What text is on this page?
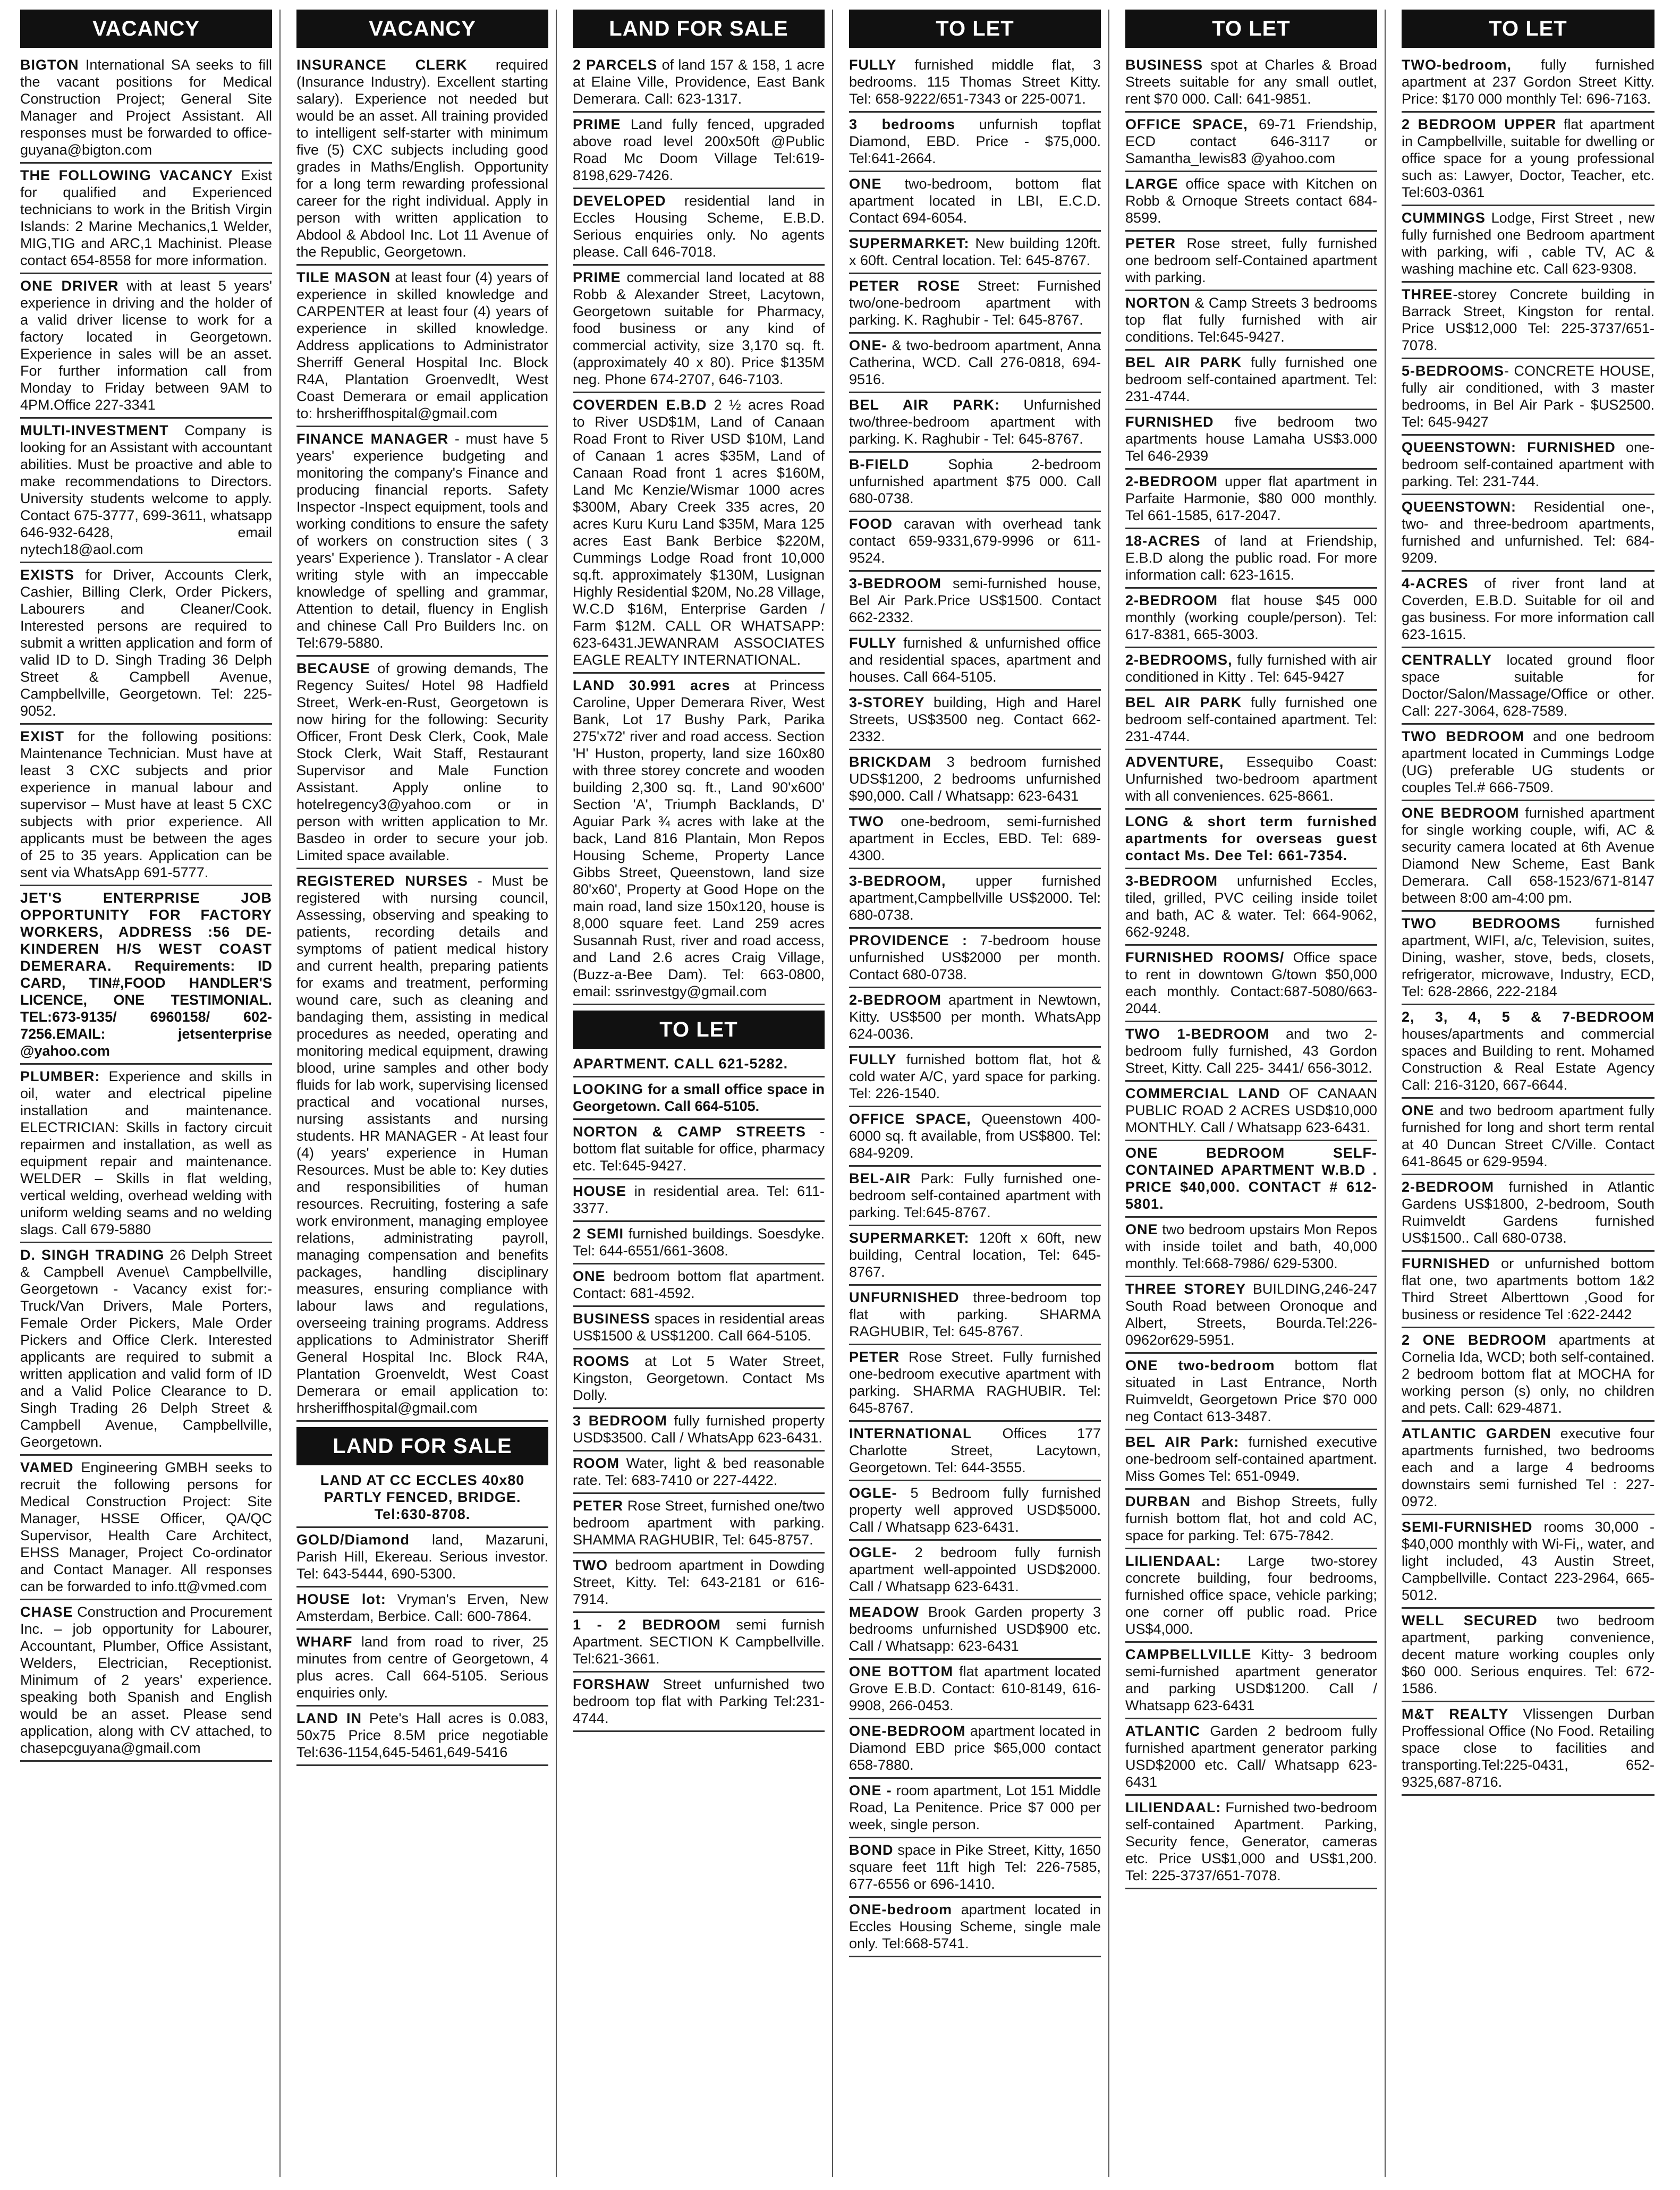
VACANCY
BIGTON International SA seeks to fill the vacant positions for Medical Construction Project; General Site Manager and Project Assistant. All responses must be forwarded to office-guyana@bigton.com
THE FOLLOWING VACANCY Exist for qualified and Experienced technicians to work in the British Virgin Islands: 2 Marine Mechanics,1 Welder, MIG,TIG and ARC,1 Machinist. Please contact 654-8558 for more information.
ONE DRIVER with at least 5 years' experience in driving and the holder of a valid driver license to work for a factory located in Georgetown. Experience in sales will be an asset. For further information call from Monday to Friday between 9AM to 4PM.Office 227-3341
MULTI-INVESTMENT Company is looking for an Assistant with accountant abilities. Must be proactive and able to make recommendations to Directors. University students welcome to apply. Contact 675-3777, 699-3611, whatsapp 646-932-6428, email nytech18@aol.com
EXISTS for Driver, Accounts Clerk, Cashier, Billing Clerk, Order Pickers, Labourers and Cleaner/Cook. Interested persons are required to submit a written application and form of valid ID to D. Singh Trading 36 Delph Street & Campbell Avenue, Campbellville, Georgetown. Tel: 225-9052.
EXIST for the following positions: Maintenance Technician. Must have at least 3 CXC subjects and prior experience in manual labour and supervisor – Must have at least 5 CXC subjects with prior experience. All applicants must be between the ages of 25 to 35 years. Application can be sent via WhatsApp 691-5777.
JET'S ENTERPRISE JOB OPPORTUNITY FOR FACTORY WORKERS, ADDRESS :56 DE-KINDEREN H/S WEST COAST DEMERARA. Requirements: ID CARD, TIN#,FOOD HANDLER'S LICENCE, ONE TESTIMONIAL. TEL:673-9135/ 6960158/ 602-7256.EMAIL: jetsenterprise @yahoo.com
PLUMBER: Experience and skills in oil, water and electrical pipeline installation and maintenance. ELECTRICIAN: Skills in factory circuit repairmen and installation, as well as equipment repair and maintenance. WELDER – Skills in flat welding, vertical welding, overhead welding with uniform welding seams and no welding slags. Call 679-5880
D. SINGH TRADING 26 Delph Street & Campbell Avenue\ Campbellville, Georgetown - Vacancy exist for:-Truck/Van Drivers, Male Porters, Female Order Pickers, Male Order Pickers and Office Clerk. Interested applicants are required to submit a written application and valid form of ID and a Valid Police Clearance to D. Singh Trading 26 Delph Street & Campbell Avenue, Campbellville, Georgetown.
VAMED Engineering GMBH seeks to recruit the following persons for Medical Construction Project: Site Manager, HSSE Officer, QA/QC Supervisor, Health Care Architect, EHSS Manager, Project Co-ordinator and Contact Manager. All responses can be forwarded to info.tt@vmed.com
CHASE Construction and Procurement Inc. – job opportunity for Labourer, Accountant, Plumber, Office Assistant, Welders, Electrician, Receptionist. Minimum of 2 years' experience. speaking both Spanish and English would be an asset. Please send application, along with CV attached, to chasepcguyana@gmail.com
VACANCY
INSURANCE CLERK required (Insurance Industry). Excellent starting salary). Experience not needed but would be an asset. All training provided to intelligent self-starter with minimum five (5) CXC subjects including good grades in Maths/English. Opportunity for a long term rewarding professional career for the right individual. Apply in person with written application to Abdool & Abdool Inc. Lot 11 Avenue of the Republic, Georgetown.
TILE MASON at least four (4) years of experience in skilled knowledge and CARPENTER at least four (4) years of experience in skilled knowledge. Address applications to Administrator Sherriff General Hospital Inc. Block R4A, Plantation Groenvedlt, West Coast Demerara or email application to: hrsheriffhospital@gmail.com
FINANCE MANAGER - must have 5 years' experience budgeting and monitoring the company's Finance and producing financial reports. Safety Inspector -Inspect equipment, tools and working conditions to ensure the safety of workers on construction sites ( 3 years' Experience ). Translator - A clear writing style with an impeccable knowledge of spelling and grammar, Attention to detail, fluency in English and chinese Call Pro Builders Inc. on Tel:679-5880.
BECAUSE of growing demands, The Regency Suites/ Hotel 98 Hadfield Street, Werk-en-Rust, Georgetown is now hiring for the following: Security Officer, Front Desk Clerk, Cook, Male Stock Clerk, Wait Staff, Restaurant Supervisor and Male Function Assistant. Apply online to hotelregency3@yahoo.com or in person with written application to Mr. Basdeo in order to secure your job. Limited space available.
REGISTERED NURSES - Must be registered with nursing council, Assessing, observing and speaking to patients, recording details and symptoms of patient medical history and current health, preparing patients for exams and treatment, performing wound care, such as cleaning and bandaging them, assisting in medical procedures as needed, operating and monitoring medical equipment, drawing blood, urine samples and other body fluids for lab work, supervising licensed practical and vocational nurses, nursing assistants and nursing students. HR MANAGER - At least four (4) years' experience in Human Resources. Must be able to: Key duties and responsibilities of human resources. Recruiting, fostering a safe work environment, managing employee relations, administrating payroll, managing compensation and benefits packages, handling disciplinary measures, ensuring compliance with labour laws and regulations, overseeing training programs. Address applications to Administrator Sheriff General Hospital Inc. Block R4A, Plantation Groenveldt, West Coast Demerara or email application to: hrsheriffhospital@gmail.com
LAND FOR SALE
LAND AT CC ECCLES 40x80 PARTLY FENCED, BRIDGE. Tel:630-8708.
GOLD/Diamond land, Mazaruni, Parish Hill, Ekereau. Serious investor. Tel: 643-5444, 690-5300.
HOUSE lot: Vryman's Erven, New Amsterdam, Berbice. Call: 600-7864.
WHARF land from road to river, 25 minutes from centre of Georgetown, 4 plus acres. Call 664-5105. Serious enquiries only.
LAND IN Pete's Hall acres is 0.083, 50x75 Price 8.5M price negotiable Tel:636-1154,645-5461,649-5416
LAND FOR SALE
2 PARCELS of land 157 & 158, 1 acre at Elaine Ville, Providence, East Bank Demerara. Call: 623-1317.
PRIME Land fully fenced, upgraded above road level 200x50ft @Public Road Mc Doom Village Tel:619-8198,629-7426.
DEVELOPED residential land in Eccles Housing Scheme, E.B.D. Serious enquiries only. No agents please. Call 646-7018.
PRIME commercial land located at 88 Robb & Alexander Street, Lacytown, Georgetown suitable for Pharmacy, food business or any kind of commercial activity, size 3,170 sq. ft. (approximately 40 x 80). Price $135M neg. Phone 674-2707, 646-7103.
COVERDEN E.B.D 2 ½ acres Road to River USD$1M, Land of Canaan Road Front to River USD $10M, Land of Canaan 1 acres $35M, Land of Canaan Road front 1 acres $160M, Land Mc Kenzie/Wismar 1000 acres $300M, Abary Creek 335 acres, 20 acres Kuru Kuru Land $35M, Mara 125 acres East Bank Berbice $220M, Cummings Lodge Road front 10,000 sq.ft. approximately $130M, Lusignan Highly Residential $20M, No.28 Village, W.C.D $16M, Enterprise Garden / Farm $12M. CALL OR WHATSAPP: 623-6431.JEWANRAM ASSOCIATES EAGLE REALTY INTERNATIONAL.
LAND 30.991 acres at Princess Caroline, Upper Demerara River, West Bank, Lot 17 Bushy Park, Parika 275'x72' river and road access. Section 'H' Huston, property, land size 160x80 with three storey concrete and wooden building 2,300 sq. ft., Land 90'x600' Section 'A', Triumph Backlands, D' Aguiar Park ¾ acres with lake at the back, Land 816 Plantain, Mon Repos Housing Scheme, Property Lance Gibbs Street, Queenstown, land size 80'x60', Property at Good Hope on the main road, land size 150x120, house is 8,000 square feet. Land 259 acres Susannah Rust, river and road access, and Land 2.6 acres Craig Village, (Buzz-a-Bee Dam). Tel: 663-0800, email: ssrinvestgy@gmail.com
TO LET
APARTMENT. CALL 621-5282.
LOOKING for a small office space in Georgetown. Call 664-5105.
NORTON & CAMP STREETS - bottom flat suitable for office, pharmacy etc. Tel:645-9427.
HOUSE in residential area. Tel: 611-3377.
2 SEMI furnished buildings. Soesdyke. Tel: 644-6551/661-3608.
ONE bedroom bottom flat apartment. Contact: 681-4592.
BUSINESS spaces in residential areas US$1500 & US$1200. Call 664-5105.
ROOMS at Lot 5 Water Street, Kingston, Georgetown. Contact Ms Dolly.
3 BEDROOM fully furnished property USD$3500. Call / WhatsApp 623-6431.
ROOM Water, light & bed reasonable rate. Tel: 683-7410 or 227-4422.
PETER Rose Street, furnished one/two bedroom apartment with parking. SHAMMA RAGHUBIR, Tel: 645-8757.
TWO bedroom apartment in Dowding Street, Kitty. Tel: 643-2181 or 616-7914.
1 - 2 BEDROOM semi furnish Apartment. SECTION K Campbellville. Tel:621-3661.
FORSHAW Street unfurnished two bedroom top flat with Parking Tel:231-4744.
TO LET
FULLY furnished middle flat, 3 bedrooms. 115 Thomas Street Kitty. Tel: 658-9222/651-7343 or 225-0071.
3 bedrooms unfurnish topflat Diamond, EBD. Price - $75,000. Tel:641-2664.
ONE two-bedroom, bottom flat apartment located in LBI, E.C.D. Contact 694-6054.
SUPERMARKET: New building 120ft. x 60ft. Central location. Tel: 645-8767.
PETER ROSE Street: Furnished two/one-bedroom apartment with parking. K. Raghubir - Tel: 645-8767.
ONE- & two-bedroom apartment, Anna Catherina, WCD. Call 276-0818, 694-9516.
BEL AIR PARK: Unfurnished two/three-bedroom apartment with parking. K. Raghubir - Tel: 645-8767.
B-FIELD Sophia 2-bedroom unfurnished apartment $75 000. Call 680-0738.
FOOD caravan with overhead tank contact 659-9331,679-9996 or 611-9524.
3-BEDROOM semi-furnished house, Bel Air Park.Price US$1500. Contact 662-2332.
FULLY furnished & unfurnished office and residential spaces, apartment and houses. Call 664-5105.
3-STOREY building, High and Harel Streets, US$3500 neg. Contact 662-2332.
BRICKDAM 3 bedroom furnished UDS$1200, 2 bedrooms unfurnished $90,000. Call / Whatsapp: 623-6431
TWO one-bedroom, semi-furnished apartment in Eccles, EBD. Tel: 689-4300.
3-BEDROOM, upper furnished apartment,Campbellville US$2000. Tel: 680-0738.
PROVIDENCE : 7-bedroom house unfurnished US$2000 per month. Contact 680-0738.
2-BEDROOM apartment in Newtown, Kitty. US$500 per month. WhatsApp 624-0036.
FULLY furnished bottom flat, hot & cold water A/C, yard space for parking. Tel: 226-1540.
OFFICE SPACE, Queenstown 400-6000 sq. ft available, from US$800. Tel: 684-9209.
BEL-AIR Park: Fully furnished one-bedroom self-contained apartment with parking. Tel:645-8767.
SUPERMARKET: 120ft x 60ft, new building, Central location, Tel: 645-8767.
UNFURNISHED three-bedroom top flat with parking. SHARMA RAGHUBIR, Tel: 645-8767.
PETER Rose Street. Fully furnished one-bedroom executive apartment with parking. SHARMA RAGHUBIR. Tel: 645-8767.
INTERNATIONAL Offices 177 Charlotte Street, Lacytown, Georgetown. Tel: 644-3555.
OGLE- 5 Bedroom fully furnished property well approved USD$5000. Call / Whatsapp 623-6431.
OGLE- 2 bedroom fully furnish apartment well-appointed USD$2000. Call / Whatsapp 623-6431.
MEADOW Brook Garden property 3 bedrooms unfurnished USD$900 etc. Call / Whatsapp: 623-6431
ONE BOTTOM flat apartment located Grove E.B.D. Contact: 610-8149, 616-9908, 266-0453.
ONE-BEDROOM apartment located in Diamond EBD price $65,000 contact 658-7880.
ONE - room apartment, Lot 151 Middle Road, La Penitence. Price $7 000 per week, single person.
BOND space in Pike Street, Kitty, 1650 square feet 11ft high Tel: 226-7585, 677-6556 or 696-1410.
ONE-bedroom apartment located in Eccles Housing Scheme, single male only. Tel:668-5741.
TO LET
BUSINESS spot at Charles & Broad Streets suitable for any small outlet, rent $70 000. Call: 641-9851.
OFFICE SPACE, 69-71 Friendship, ECD contact 646-3117 or Samantha_lewis83 @yahoo.com
LARGE office space with Kitchen on Robb & Ornoque Streets contact 684-8599.
PETER Rose street, fully furnished one bedroom self-Contained apartment with parking.
NORTON & Camp Streets 3 bedrooms top flat fully furnished with air conditions. Tel:645-9427.
BEL AIR PARK fully furnished one bedroom self-contained apartment. Tel: 231-4744.
FURNISHED five bedroom two apartments house Lamaha US$3.000 Tel 646-2939
2-BEDROOM upper flat apartment in Parfaite Harmonie, $80 000 monthly. Tel 661-1585, 617-2047.
18-ACRES of land at Friendship, E.B.D along the public road. For more information call: 623-1615.
2-BEDROOM flat house $45 000 monthly (working couple/person). Tel: 617-8381, 665-3003.
2-BEDROOMS, fully furnished with air conditioned in Kitty . Tel: 645-9427
BEL AIR PARK fully furnished one bedroom self-contained apartment. Tel: 231-4744.
ADVENTURE, Essequibo Coast: Unfurnished two-bedroom apartment with all conveniences. 625-8661.
LONG & short term furnished apartments for overseas guest contact Ms. Dee Tel: 661-7354.
3-BEDROOM unfurnished Eccles, tiled, grilled, PVC ceiling inside toilet and bath, AC & water. Tel: 664-9062, 662-9248.
FURNISHED ROOMS/ Office space to rent in downtown G/town $50,000 each monthly. Contact:687-5080/663-2044.
TWO 1-BEDROOM and two 2-bedroom fully furnished, 43 Gordon Street, Kitty. Call 225- 3441/ 656-3012.
COMMERCIAL LAND OF CANAAN PUBLIC ROAD 2 ACRES USD$10,000 MONTHLY. Call / Whatsapp 623-6431.
ONE BEDROOM SELF-CONTAINED APARTMENT W.B.D . PRICE $40,000. CONTACT # 612-5801.
ONE two bedroom upstairs Mon Repos with inside toilet and bath, 40,000 monthly. Tel:668-7986/ 629-5300.
THREE STOREY BUILDING,246-247 South Road between Oronoque and Albert, Streets, Bourda.Tel:226-0962or629-5951.
ONE two-bedroom bottom flat situated in Last Entrance, North Ruimveldt, Georgetown Price $70 000 neg Contact 613-3487.
BEL AIR Park: furnished executive one-bedroom self-contained apartment. Miss Gomes Tel: 651-0949.
DURBAN and Bishop Streets, fully furnish bottom flat, hot and cold AC, space for parking. Tel: 675-7842.
LILIENDAAL: Large two-storey concrete building, four bedrooms, furnished office space, vehicle parking; one corner off public road. Price US$4,000.
CAMPBELLVILLE Kitty- 3 bedroom semi-furnished apartment generator and parking USD$1200. Call / Whatsapp 623-6431
ATLANTIC Garden 2 bedroom fully furnished apartment generator parking USD$2000 etc. Call/ Whatsapp 623-6431
LILIENDAAL: Furnished two-bedroom self-contained Apartment. Parking, Security fence, Generator, cameras etc. Price US$1,000 and US$1,200. Tel: 225-3737/651-7078.
TO LET
TWO-bedroom, fully furnished apartment at 237 Gordon Street Kitty. Price: $170 000 monthly Tel: 696-7163.
2 BEDROOM UPPER flat apartment in Campbellville, suitable for dwelling or office space for a young professional such as: Lawyer, Doctor, Teacher, etc. Tel:603-0361
CUMMINGS Lodge, First Street , new fully furnished one Bedroom apartment with parking, wifi , cable TV, AC & washing machine etc. Call 623-9308.
THREE-storey Concrete building in Barrack Street, Kingston for rental. Price US$12,000 Tel: 225-3737/651-7078.
5-BEDROOMS- CONCRETE HOUSE, fully air conditioned, with 3 master bedrooms, in Bel Air Park - $US2500. Tel: 645-9427
QUEENSTOWN: FURNISHED one-bedroom self-contained apartment with parking. Tel: 231-744.
QUEENSTOWN: Residential one-, two- and three-bedroom apartments, furnished and unfurnished. Tel: 684-9209.
4-ACRES of river front land at Coverden, E.B.D. Suitable for oil and gas business. For more information call 623-1615.
CENTRALLY located ground floor space suitable for Doctor/Salon/Massage/Office or other. Call: 227-3064, 628-7589.
TWO BEDROOM and one bedroom apartment located in Cummings Lodge (UG) preferable UG students or couples Tel.# 666-7509.
ONE BEDROOM furnished apartment for single working couple, wifi, AC & security camera located at 6th Avenue Diamond New Scheme, East Bank Demerara. Call 658-1523/671-8147 between 8:00 am-4:00 pm.
TWO BEDROOMS furnished apartment, WIFI, a/c, Television, suites, Dining, washer, stove, beds, closets, refrigerator, microwave, Industry, ECD, Tel: 628-2866, 222-2184
2, 3, 4, 5 & 7-BEDROOM houses/apartments and commercial spaces and Building to rent. Mohamed Construction & Real Estate Agency Call: 216-3120, 667-6644.
ONE and two bedroom apartment fully furnished for long and short term rental at 40 Duncan Street C/Ville. Contact 641-8645 or 629-9594.
2-BEDROOM furnished in Atlantic Gardens US$1800, 2-bedroom, South Ruimveldt Gardens furnished US$1500.. Call 680-0738.
FURNISHED or unfurnished bottom flat one, two apartments bottom 1&2 Third Street Alberttown ,Good for business or residence Tel :622-2442
2 ONE BEDROOM apartments at Cornelia Ida, WCD; both self-contained. 2 bedroom bottom flat at MOCHA for working person (s) only, no children and pets. Call: 629-4871.
ATLANTIC GARDEN executive four apartments furnished, two bedrooms each and a large 4 bedrooms downstairs semi furnished Tel : 227-0972.
SEMI-FURNISHED rooms 30,000 - $40,000 monthly with Wi-Fi,, water, and light included, 43 Austin Street, Campbellville. Contact 223-2964, 665-5012.
WELL SECURED two bedroom apartment, parking convenience, decent mature working couples only $60 000. Serious enquires. Tel: 672-1586.
M&T REALTY Vlissengen Durban Proffessional Office (No Food. Retailing space close to facilities and transporting.Tel:225-0431, 652-9325,687-8716.
